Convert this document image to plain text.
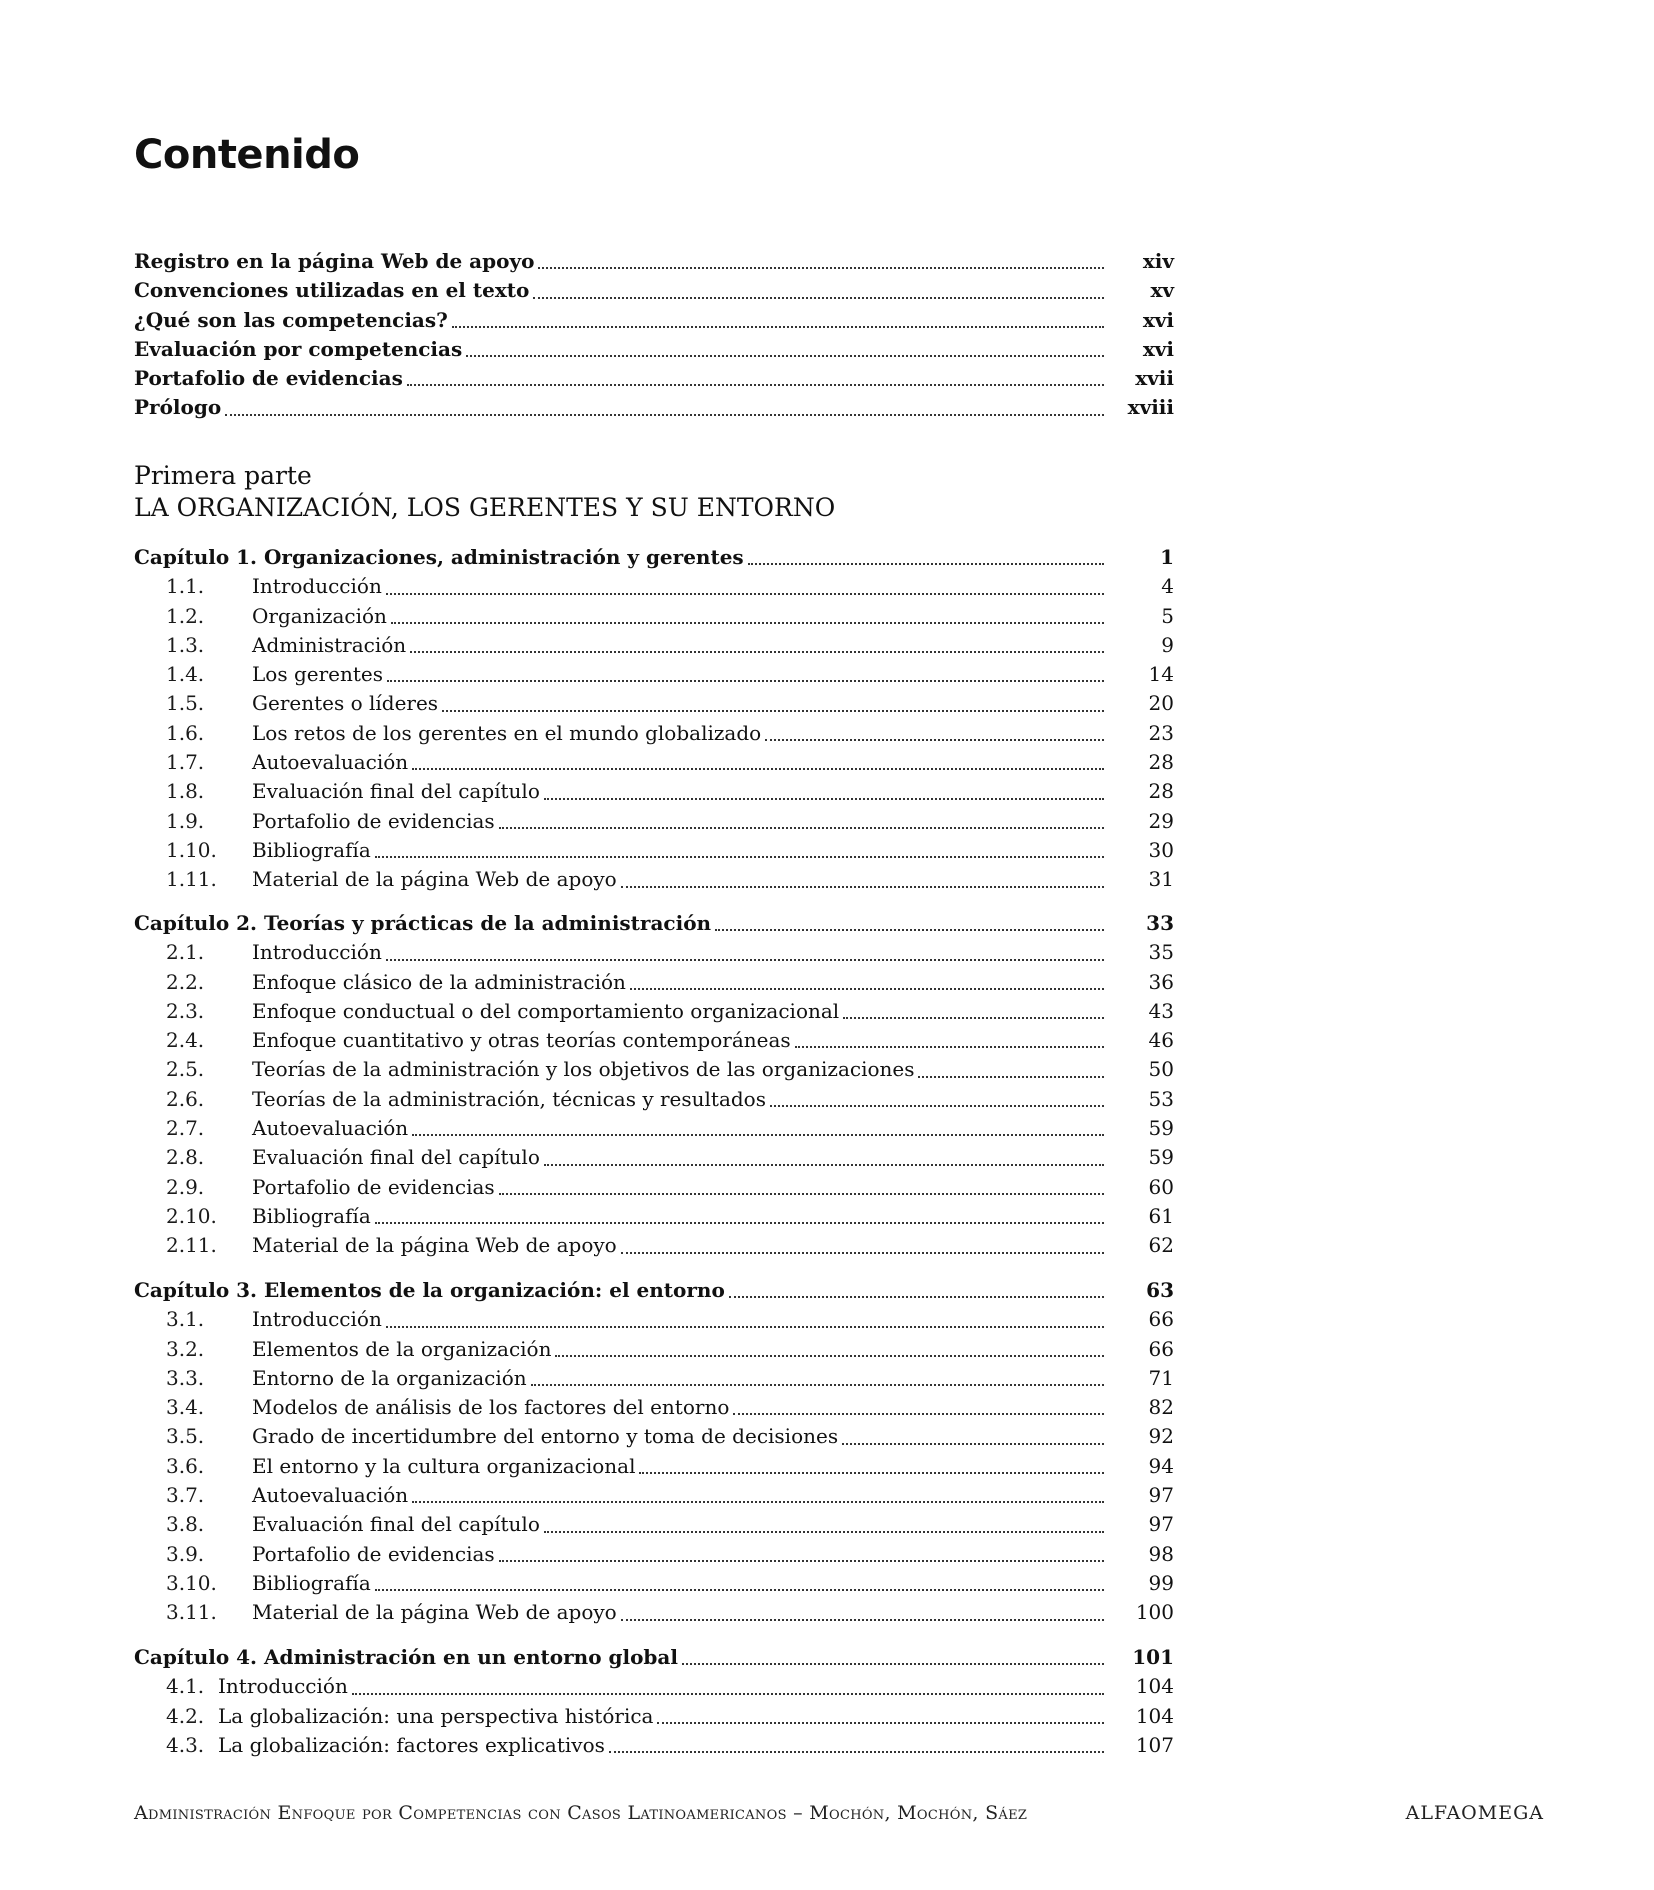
Contenido
Registro en la página Web de apoyo	xiv
Convenciones utilizadas en el texto	xv
¿Qué son las competencias?	xvi
Evaluación por competencias	xvi
Portafolio de evidencias	xvii
Prólogo	xviii
Primera parte
LA ORGANIZACIÓN, LOS GERENTES Y SU ENTORNO
Capítulo 1. Organizaciones, administración y gerentes	1
1.1.	Introducción	4
1.2.	Organización	5
1.3.	Administración	9
1.4.	Los gerentes	14
1.5.	Gerentes o líderes	20
1.6.	Los retos de los gerentes en el mundo globalizado	23
1.7.	Autoevaluación	28
1.8.	Evaluación final del capítulo	28
1.9.	Portafolio de evidencias	29
1.10.	Bibliografía	30
1.11.	Material de la página Web de apoyo	31
Capítulo 2. Teorías y prácticas de la administración	33
2.1.	Introducción	35
2.2.	Enfoque clásico de la administración	36
2.3.	Enfoque conductual o del comportamiento organizacional	43
2.4.	Enfoque cuantitativo y otras teorías contemporáneas	46
2.5.	Teorías de la administración y los objetivos de las organizaciones	50
2.6.	Teorías de la administración, técnicas y resultados	53
2.7.	Autoevaluación	59
2.8.	Evaluación final del capítulo	59
2.9.	Portafolio de evidencias	60
2.10.	Bibliografía	61
2.11.	Material de la página Web de apoyo	62
Capítulo 3. Elementos de la organización: el entorno	63
3.1.	Introducción	66
3.2.	Elementos de la organización	66
3.3.	Entorno de la organización	71
3.4.	Modelos de análisis de los factores del entorno	82
3.5.	Grado de incertidumbre del entorno y toma de decisiones	92
3.6.	El entorno y la cultura organizacional	94
3.7.	Autoevaluación	97
3.8.	Evaluación final del capítulo	97
3.9.	Portafolio de evidencias	98
3.10.	Bibliografía	99
3.11.	Material de la página Web de apoyo	100
Capítulo 4. Administración en un entorno global	101
4.1. Introducción	104
4.2. La globalización: una perspectiva histórica	104
4.3. La globalización: factores explicativos	107
Administración Enfoque por Competencias con Casos Latinoamericanos – Mochón, Mochón, Sáez	ALFAOMEGA
